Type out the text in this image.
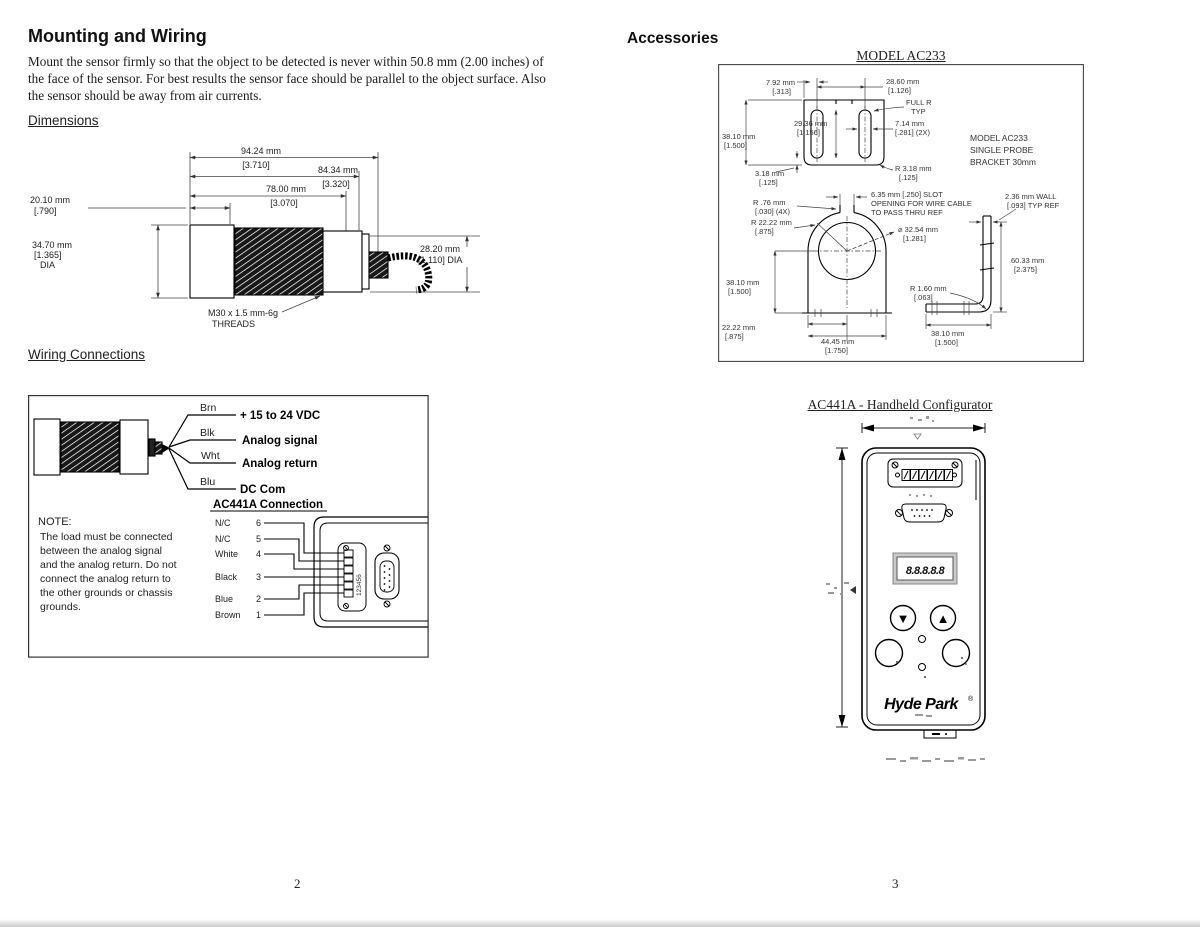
Mounting and Wiring
Mount the sensor firmly so that the object to be detected is never within 50.8 mm (2.00 inches) of
the face of the sensor. For best results the sensor face should be parallel to the object surface. Also
the sensor should be away from air currents.
Dimensions
94.24 mm
[3.710]	84.34 mm
[3.320]
78.00 mm
[3.070]
20.10 mm
[.790]
34.70 mm
[1.365]
DIA
28.20 mm
[1.110] DIA
M30 x 1.5 mm-6g
THREADS
Wiring Connections
Brn
Blk
Wht
Blu
+ 15 to 24 VDC
Analog signal
Analog return
DC Com
AC441A Connection
NOTE:
The load must be connected
between the analog signal
and the analog return. Do not
connect the analog return to
the other grounds or chassis
grounds.
N/C
N/C
White
Black
Blue
Brown
6
5
4
3
2
1
123456
2
Accessories
MODEL AC233
7.92 mm
[.313]
28.60 mm
[1.126]
FULL R
TYP
29.36 mm
[1.156]
7.14 mm
[.281] (2X)
38.10 mm
[1.500]
3.18 mm
[.125]
R 3.18 mm
[.125]
MODEL AC233
SINGLE PROBE
BRACKET 30mm
R .76 mm
[.030] (4X)
6.35 mm [.250] SLOT
OPENING FOR WIRE CABLE
TO PASS THRU REF
R 22.22 mm
[.875]	⌀ 32.54 mm
[1.281]
38.10 mm
[1.500]
22.22 mm
[.875]
44.45 mm
[1.750]
2.36 mm WALL
[.093] TYP REF
60.33 mm
[2.375]
R 1.60 mm
[.063]
38.10 mm
[1.500]
AC441A - Handheld Configurator
8.8.8.8.8
▼ ▲
Hyde Park ®
3
